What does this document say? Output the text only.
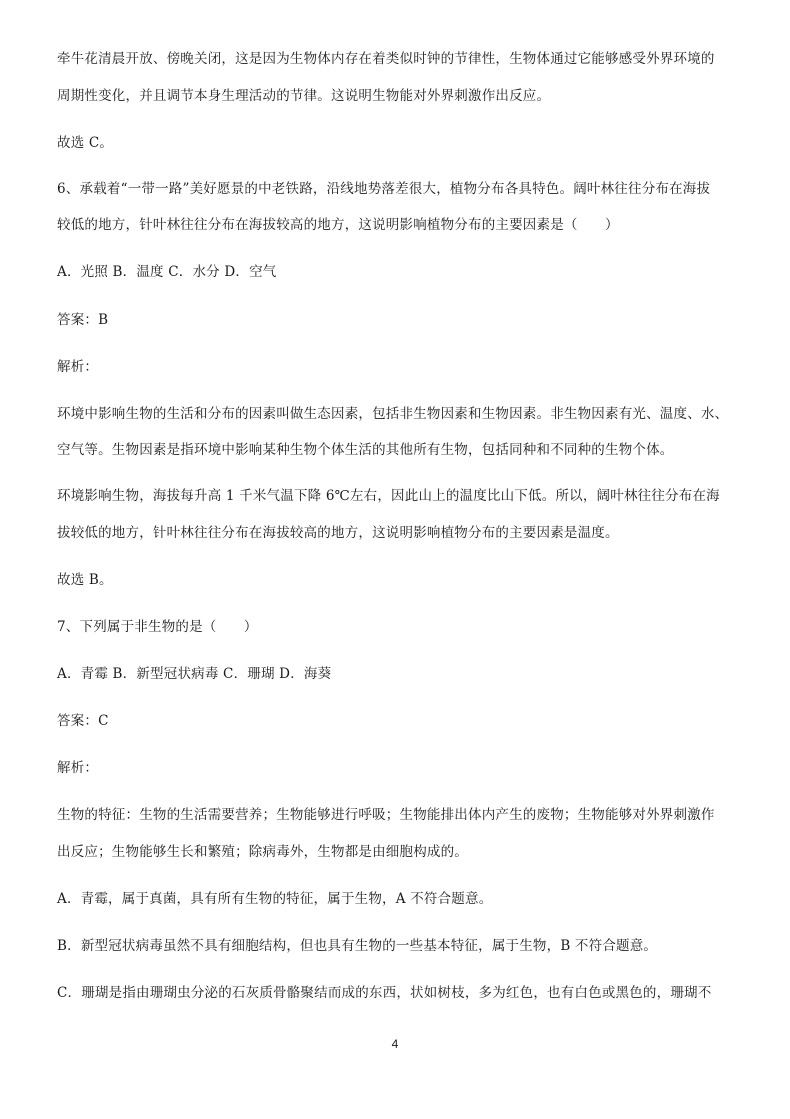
牵牛花清晨开放、傍晚关闭，这是因为生物体内存在着类似时钟的节律性，生物体通过它能够感受外界环境的
周期性变化，并且调节本身生理活动的节律。这说明生物能对外界刺激作出反应。
故选 C。
6、承载着“一带一路”美好愿景的中老铁路，沿线地势落差很大，植物分布各具特色。阔叶林往往分布在海拔
较低的地方，针叶林往往分布在海拔较高的地方，这说明影响植物分布的主要因素是（　　）
A．光照 B．温度 C．水分 D．空气
答案：B
解析：
环境中影响生物的生活和分布的因素叫做生态因素，包括非生物因素和生物因素。非生物因素有光、温度、水、
空气等。生物因素是指环境中影响某种生物个体生活的其他所有生物，包括同种和不同种的生物个体。
环境影响生物，海拔每升高 1 千米气温下降 6℃左右，因此山上的温度比山下低。所以，阔叶林往往分布在海
拔较低的地方，针叶林往往分布在海拔较高的地方，这说明影响植物分布的主要因素是温度。
故选 B。
7、下列属于非生物的是（　　）
A．青霉 B．新型冠状病毒 C．珊瑚 D．海葵
答案：C
解析：
生物的特征：生物的生活需要营养；生物能够进行呼吸；生物能排出体内产生的废物；生物能够对外界刺激作
出反应；生物能够生长和繁殖；除病毒外，生物都是由细胞构成的。
A．青霉，属于真菌，具有所有生物的特征，属于生物，A 不符合题意。
B．新型冠状病毒虽然不具有细胞结构，但也具有生物的一些基本特征，属于生物，B 不符合题意。
C．珊瑚是指由珊瑚虫分泌的石灰质骨骼聚结而成的东西，状如树枝，多为红色，也有白色或黑色的，珊瑚不
4
